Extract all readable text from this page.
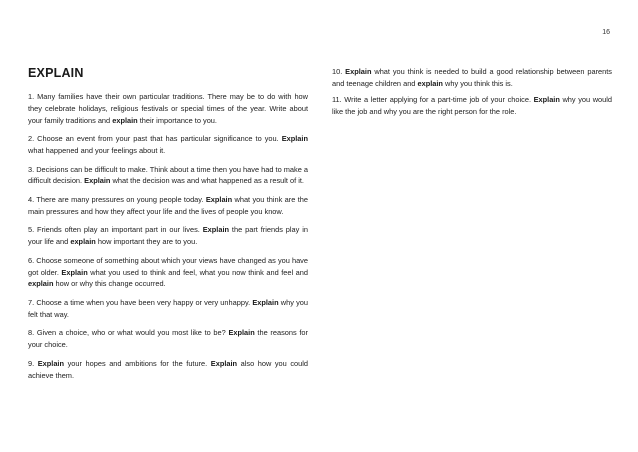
16
EXPLAIN

1. Many families have their own particular traditions. There may be to do with how they celebrate holidays, religious festivals or special times of the year. Write about your family traditions and explain their importance to you.

2. Choose an event from your past that has particular significance to you. Explain what happened and your feelings about it.

3. Decisions can be difficult to make. Think about a time then you have had to make a difficult decision. Explain what the decision was and what happened as a result of it.

4. There are many pressures on young people today. Explain what you think are the main pressures and how they affect your life and the lives of people you know.

5. Friends often play an important part in our lives. Explain the part friends play in your life and explain how important they are to you.

6. Choose someone of something about which your views have changed as you have got older. Explain what you used to think and feel, what you now think and feel and explain how or why this change occurred.

7. Choose a time when you have been very happy or very unhappy. Explain why you felt that way.

8. Given a choice, who or what would you most like to be? Explain the reasons for your choice.

9. Explain your hopes and ambitions for the future. Explain also how you could achieve them.

10. Explain what you think is needed to build a good relationship between parents and teenage children and explain why you think this is.

11. Write a letter applying for a part-time job of your choice. Explain why you would like the job and why you are the right person for the role.
